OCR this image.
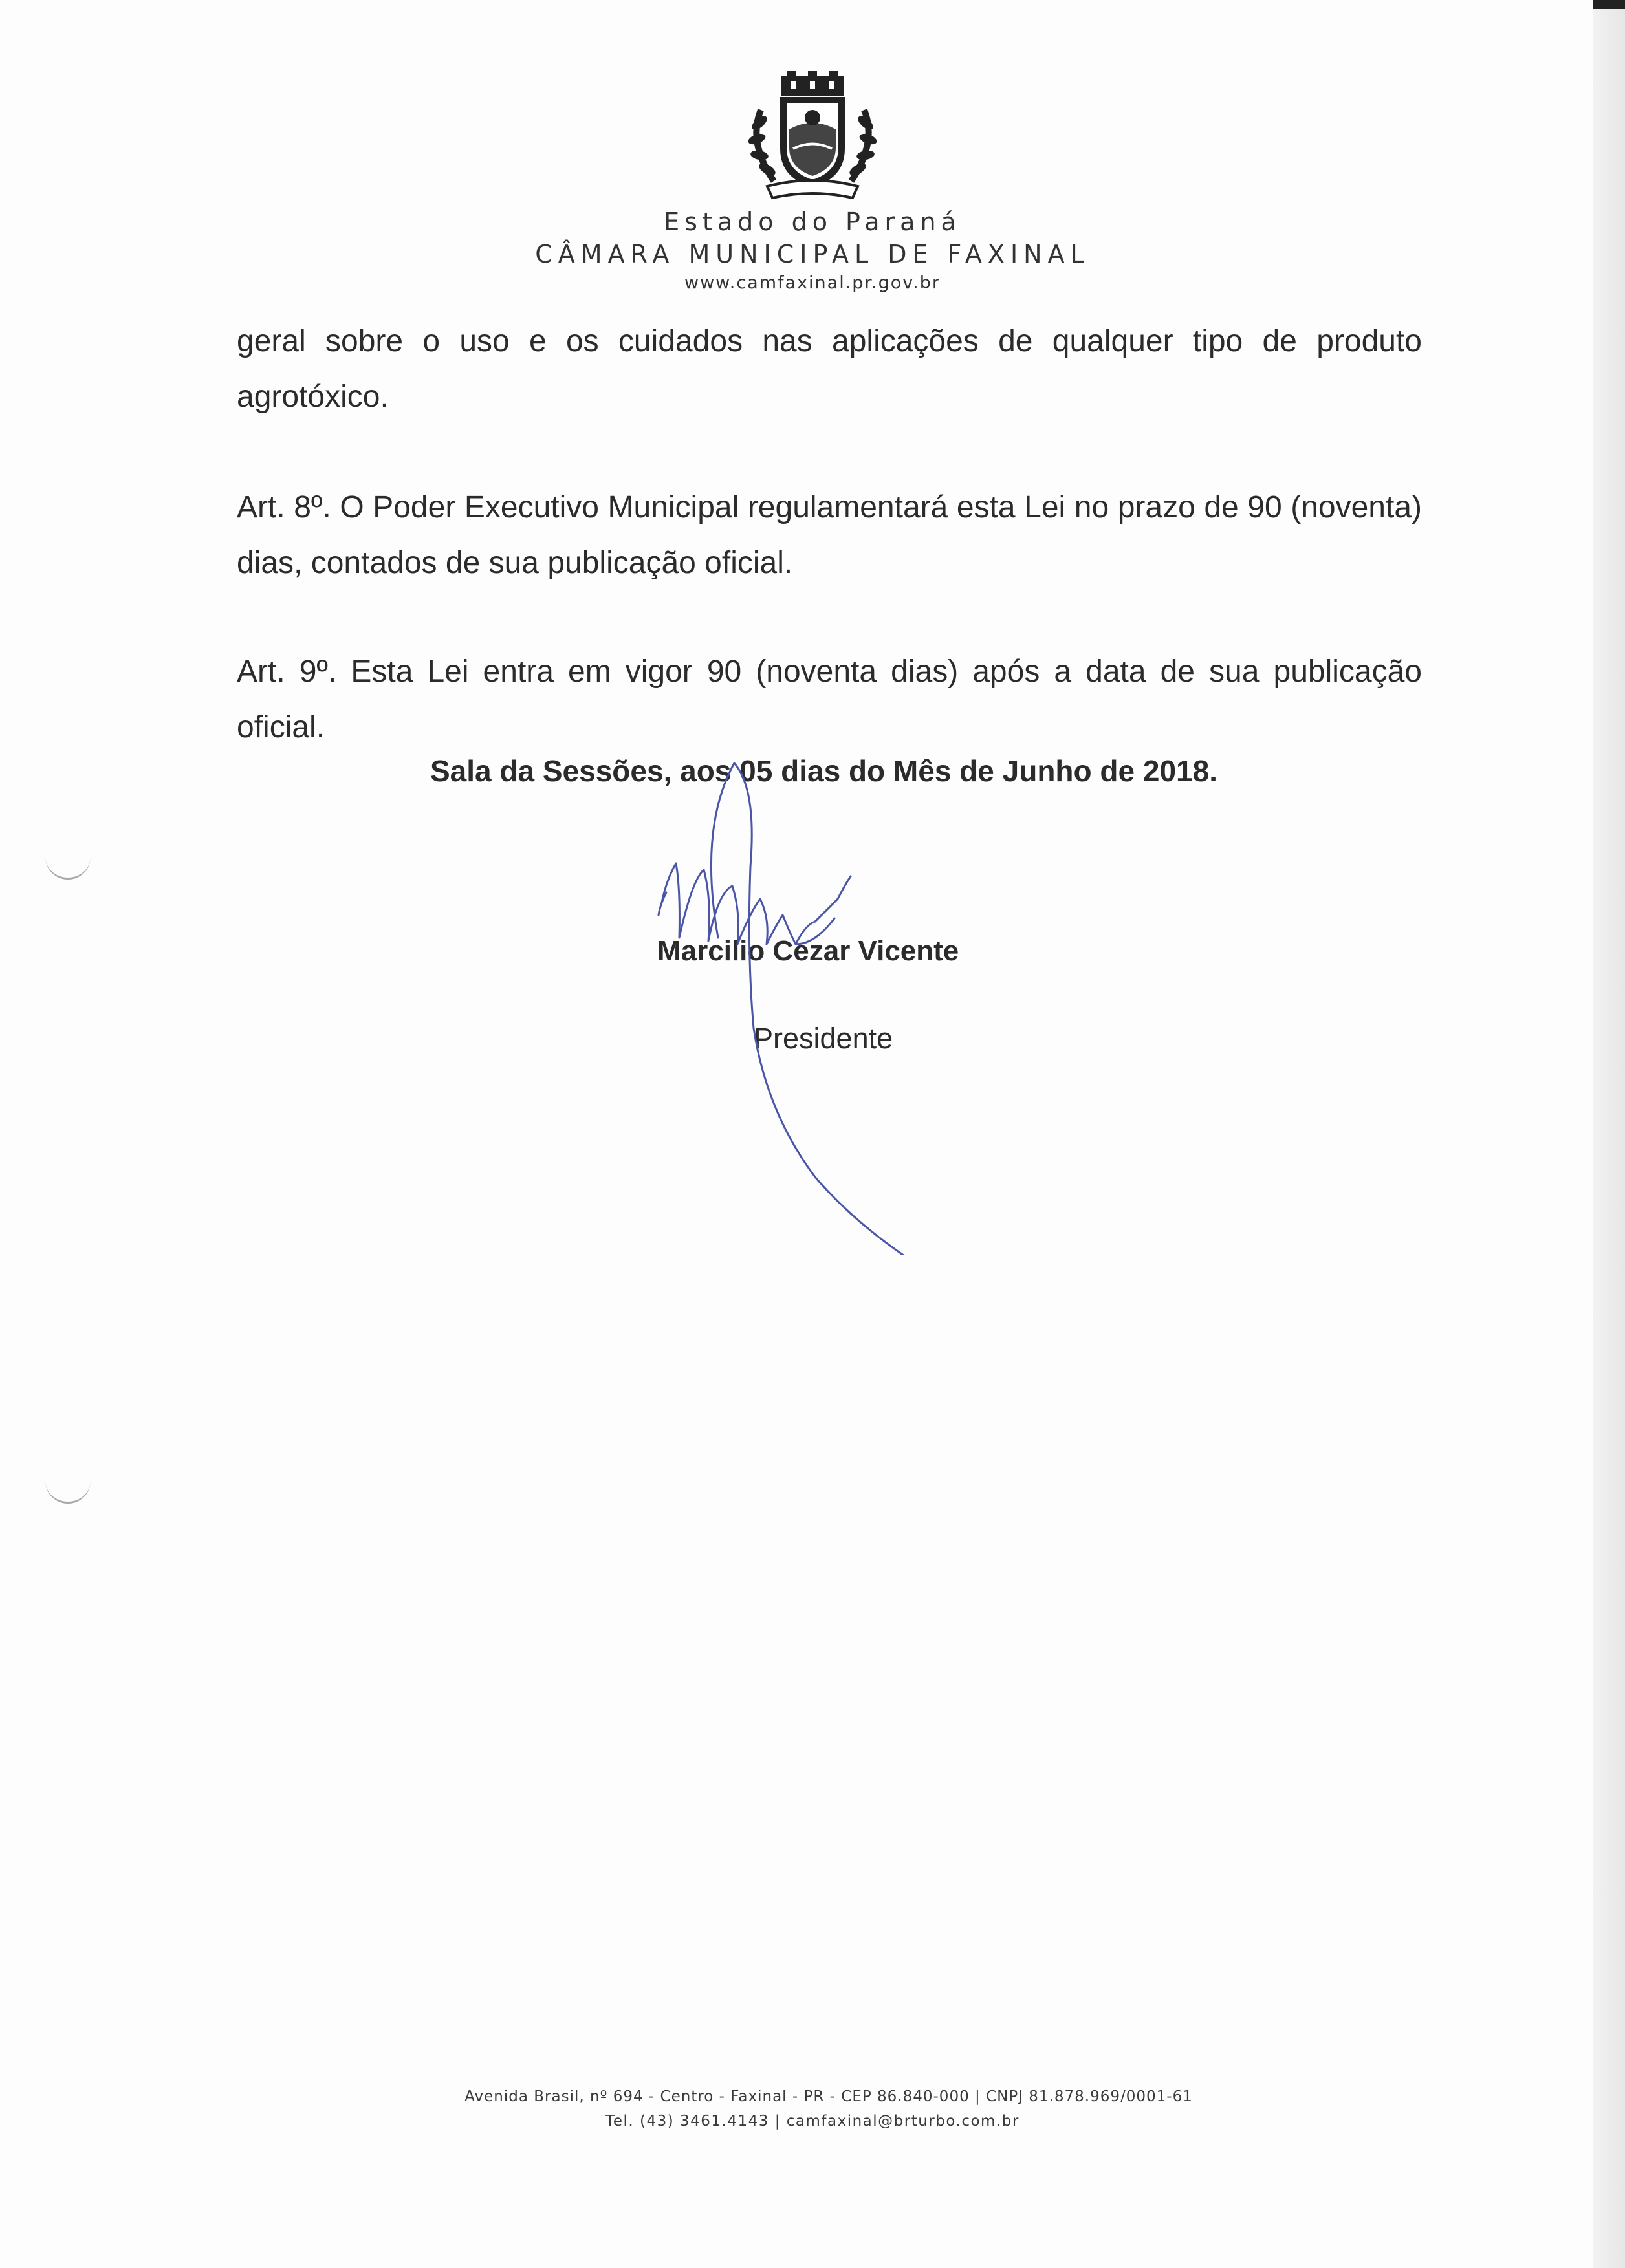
Estado do Paraná
CÂMARA MUNICIPAL DE FAXINAL
www.camfaxinal.pr.gov.br
geral sobre o uso e os cuidados nas aplicações de qualquer tipo de produto agrotóxico.
Art. 8º. O Poder Executivo Municipal regulamentará esta Lei no prazo de 90 (noventa) dias, contados de sua publicação oficial.
Art. 9º. Esta Lei entra em vigor 90 (noventa dias) após a data de sua publicação oficial.
Sala da Sessões, aos 05 dias do Mês de Junho de 2018.
Marcilio Cezar Vicente
Presidente
Avenida Brasil, nº 694 - Centro - Faxinal - PR - CEP 86.840-000 | CNPJ 81.878.969/0001-61
Tel. (43) 3461.4143 | camfaxinal@brturbo.com.br
